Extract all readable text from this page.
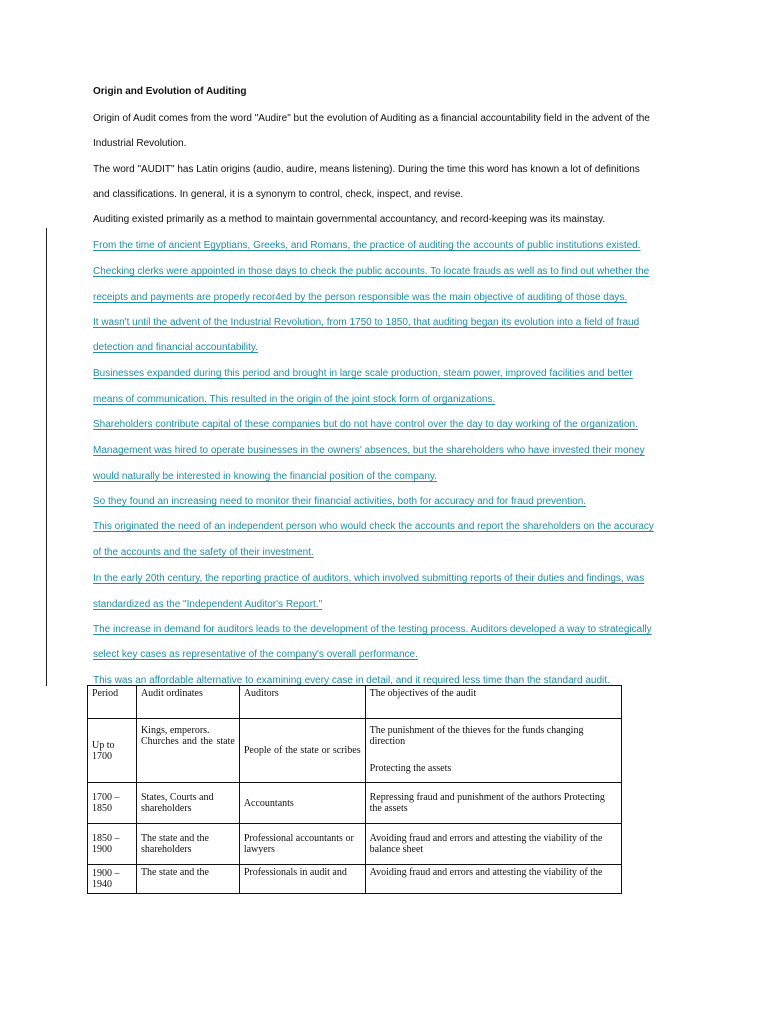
Origin and Evolution of Auditing
Origin of Audit comes from the word "Audire" but the evolution of Auditing as a financial accountability field in the advent of the
Industrial Revolution.
The word "AUDIT" has Latin origins (audio, audire, means listening). During the time this word has known a lot of definitions
and classifications. In general, it is a synonym to control, check, inspect, and revise.
Auditing existed primarily as a method to maintain governmental accountancy, and record-keeping was its mainstay.
From the time of ancient Egyptians, Greeks, and Romans, the practice of auditing the accounts of public institutions existed.
Checking clerks were appointed in those days to check the public accounts. To locate frauds as well as to find out whether the
receipts and payments are properly recor4ed by the person responsible was the main objective of auditing of those days.
It wasn't until the advent of the Industrial Revolution, from 1750 to 1850, that auditing began its evolution into a field of fraud
detection and financial accountability.
Businesses expanded during this period and brought in large scale production, steam power, improved facilities and better
means of communication. This resulted in the origin of the joint stock form of organizations.
Shareholders contribute capital of these companies but do not have control over the day to day working of the organization.
Management was hired to operate businesses in the owners' absences, but the shareholders who have invested their money
would naturally be interested in knowing the financial position of the company.
So they found an increasing need to monitor their financial activities, both for accuracy and for fraud prevention.
This originated the need of an independent person who would check the accounts and report the shareholders on the accuracy
of the accounts and the safety of their investment.
In the early 20th century, the reporting practice of auditors, which involved submitting reports of their duties and findings, was
standardized as the "Independent Auditor's Report."
The increase in demand for auditors leads to the development of the testing process. Auditors developed a way to strategically
select key cases as representative of the company's overall performance.
This was an affordable alternative to examining every case in detail, and it required less time than the standard audit.
Period	Audit ordinates	Auditors	The objectives of the audit
Up to 1700	Kings, emperors. Churches and the state	People of the state or scribes	The punishment of the thieves for the funds changing direction
Protecting the assets
1700 – 1850	States, Courts and shareholders	Accountants	Repressing fraud and punishment of the authors Protecting the assets
1850 – 1900	The state and the shareholders	Professional accountants or lawyers	Avoiding fraud and errors and attesting the viability of the balance sheet
1900 – 1940	The state and the	Professionals in audit and	Avoiding fraud and errors and attesting the viability of the
